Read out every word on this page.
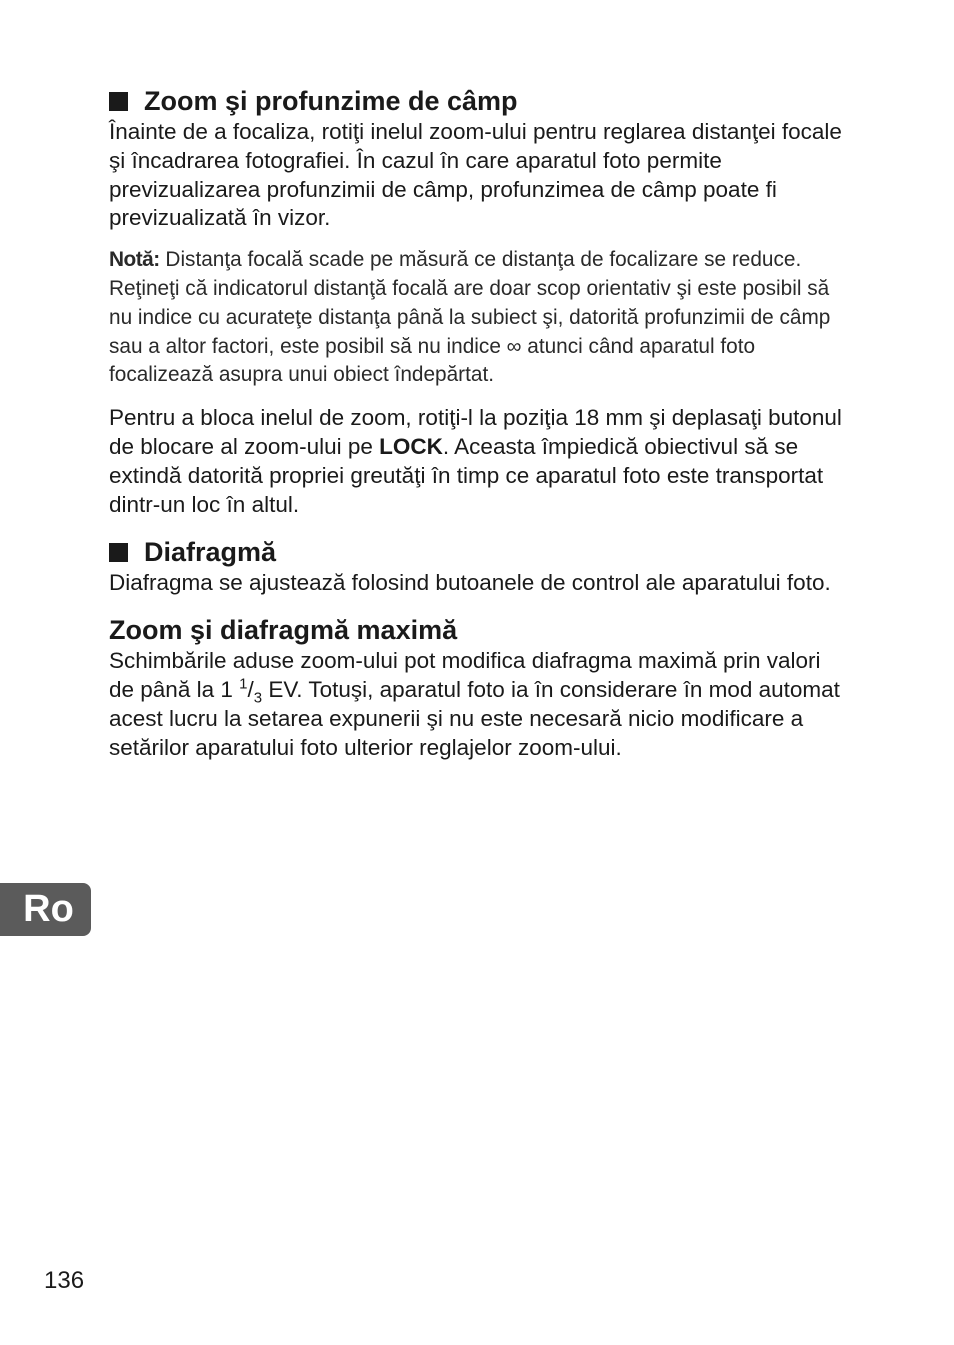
Zoom şi profunzime de câmp

Înainte de a focaliza, rotiţi inelul zoom-ului pentru reglarea distanţei focale şi încadrarea fotografiei. În cazul în care aparatul foto permite previzualizarea profunzimii de câmp, profunzimea de câmp poate fi previzualizată în vizor.

Notă: Distanţa focală scade pe măsură ce distanţa de focalizare se reduce. Reţineţi că indicatorul distanţă focală are doar scop orientativ şi este posibil să nu indice cu acurateţe distanţa până la subiect şi, datorită profunzimii de câmp sau a altor factori, este posibil să nu indice ∞ atunci când aparatul foto focalizează asupra unui obiect îndepărtat.

Pentru a bloca inelul de zoom, rotiţi-l la poziţia 18 mm şi deplasaţi butonul de blocare al zoom-ului pe LOCK. Aceasta împiedică obiectivul să se extindă datorită propriei greutăţi în timp ce aparatul foto este transportat dintr-un loc în altul.

Diafragmă

Diafragma se ajustează folosind butoanele de control ale aparatului foto.

Zoom şi diafragmă maximă

Schimbările aduse zoom-ului pot modifica diafragma maximă prin valori de până la 1 $^1/_3$ EV. Totuşi, aparatul foto ia în considerare în mod automat acest lucru la setarea expunerii şi nu este necesară nicio modificare a setărilor aparatului foto ulterior reglajelor zoom-ului.

Ro
136
